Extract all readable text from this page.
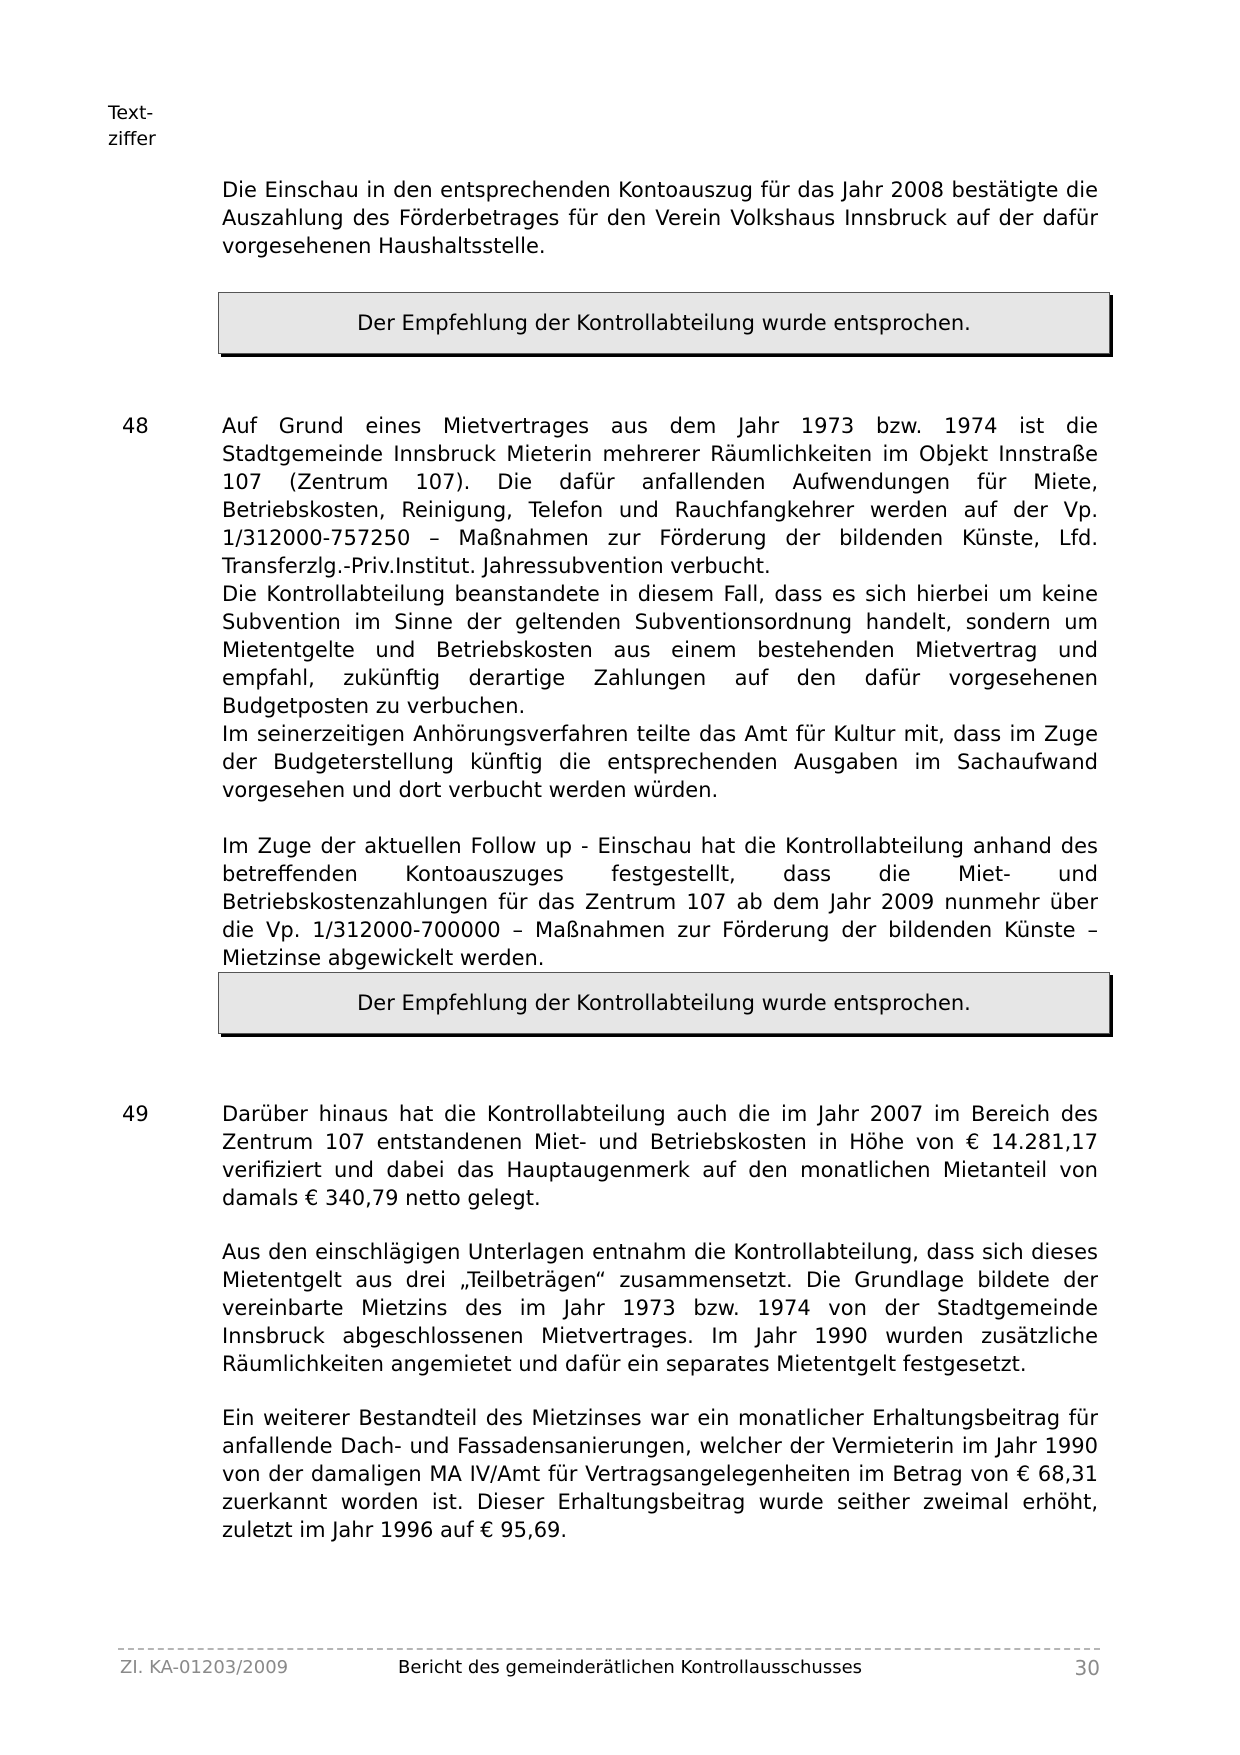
Text-
ziffer
Die Einschau in den entsprechenden Kontoauszug für das Jahr 2008 bestätigte die Auszahlung des Förderbetrages für den Verein Volkshaus Innsbruck auf der dafür vorgesehenen Haushaltsstelle.
Der Empfehlung der Kontrollabteilung wurde entsprochen.
48	Auf Grund eines Mietvertrages aus dem Jahr 1973 bzw. 1974 ist die Stadtgemeinde Innsbruck Mieterin mehrerer Räumlichkeiten im Objekt Innstraße 107 (Zentrum 107). Die dafür anfallenden Aufwendungen für Miete, Betriebskosten, Reinigung, Telefon und Rauchfangkehrer werden auf der Vp. 1/312000-757250 – Maßnahmen zur Förderung der bildenden Künste, Lfd. Transferzlg.-Priv.Institut. Jahressubvention verbucht.
Die Kontrollabteilung beanstandete in diesem Fall, dass es sich hierbei um keine Subvention im Sinne der geltenden Subventionsordnung handelt, sondern um Mietentgelte und Betriebskosten aus einem bestehenden Mietvertrag und empfahl, zukünftig derartige Zahlungen auf den dafür vorgesehenen Budgetposten zu verbuchen.
Im seinerzeitigen Anhörungsverfahren teilte das Amt für Kultur mit, dass im Zuge der Budgeterstellung künftig die entsprechenden Ausgaben im Sachaufwand vorgesehen und dort verbucht werden würden.
Im Zuge der aktuellen Follow up - Einschau hat die Kontrollabteilung anhand des betreffenden Kontoauszuges festgestellt, dass die Miet- und Betriebskostenzahlungen für das Zentrum 107 ab dem Jahr 2009 nunmehr über die Vp. 1/312000-700000 – Maßnahmen zur Förderung der bildenden Künste – Mietzinse abgewickelt werden.
Der Empfehlung der Kontrollabteilung wurde entsprochen.
49	Darüber hinaus hat die Kontrollabteilung auch die im Jahr 2007 im Bereich des Zentrum 107 entstandenen Miet- und Betriebskosten in Höhe von € 14.281,17 verifiziert und dabei das Hauptaugenmerk auf den monatlichen Mietanteil von damals € 340,79 netto gelegt.
Aus den einschlägigen Unterlagen entnahm die Kontrollabteilung, dass sich dieses Mietentgelt aus drei „Teilbeträgen“ zusammensetzt. Die Grundlage bildete der vereinbarte Mietzins des im Jahr 1973 bzw. 1974 von der Stadtgemeinde Innsbruck abgeschlossenen Mietvertrages. Im Jahr 1990 wurden zusätzliche Räumlichkeiten angemietet und dafür ein separates Mietentgelt festgesetzt.
Ein weiterer Bestandteil des Mietzinses war ein monatlicher Erhaltungsbeitrag für anfallende Dach- und Fassadensanierungen, welcher der Vermieterin im Jahr 1990 von der damaligen MA IV/Amt für Vertragsangelegenheiten im Betrag von € 68,31 zuerkannt worden ist. Dieser Erhaltungsbeitrag wurde seither zweimal erhöht, zuletzt im Jahr 1996 auf € 95,69.
ZI. KA-01203/2009	Bericht des gemeinderätlichen Kontrollausschusses	30
